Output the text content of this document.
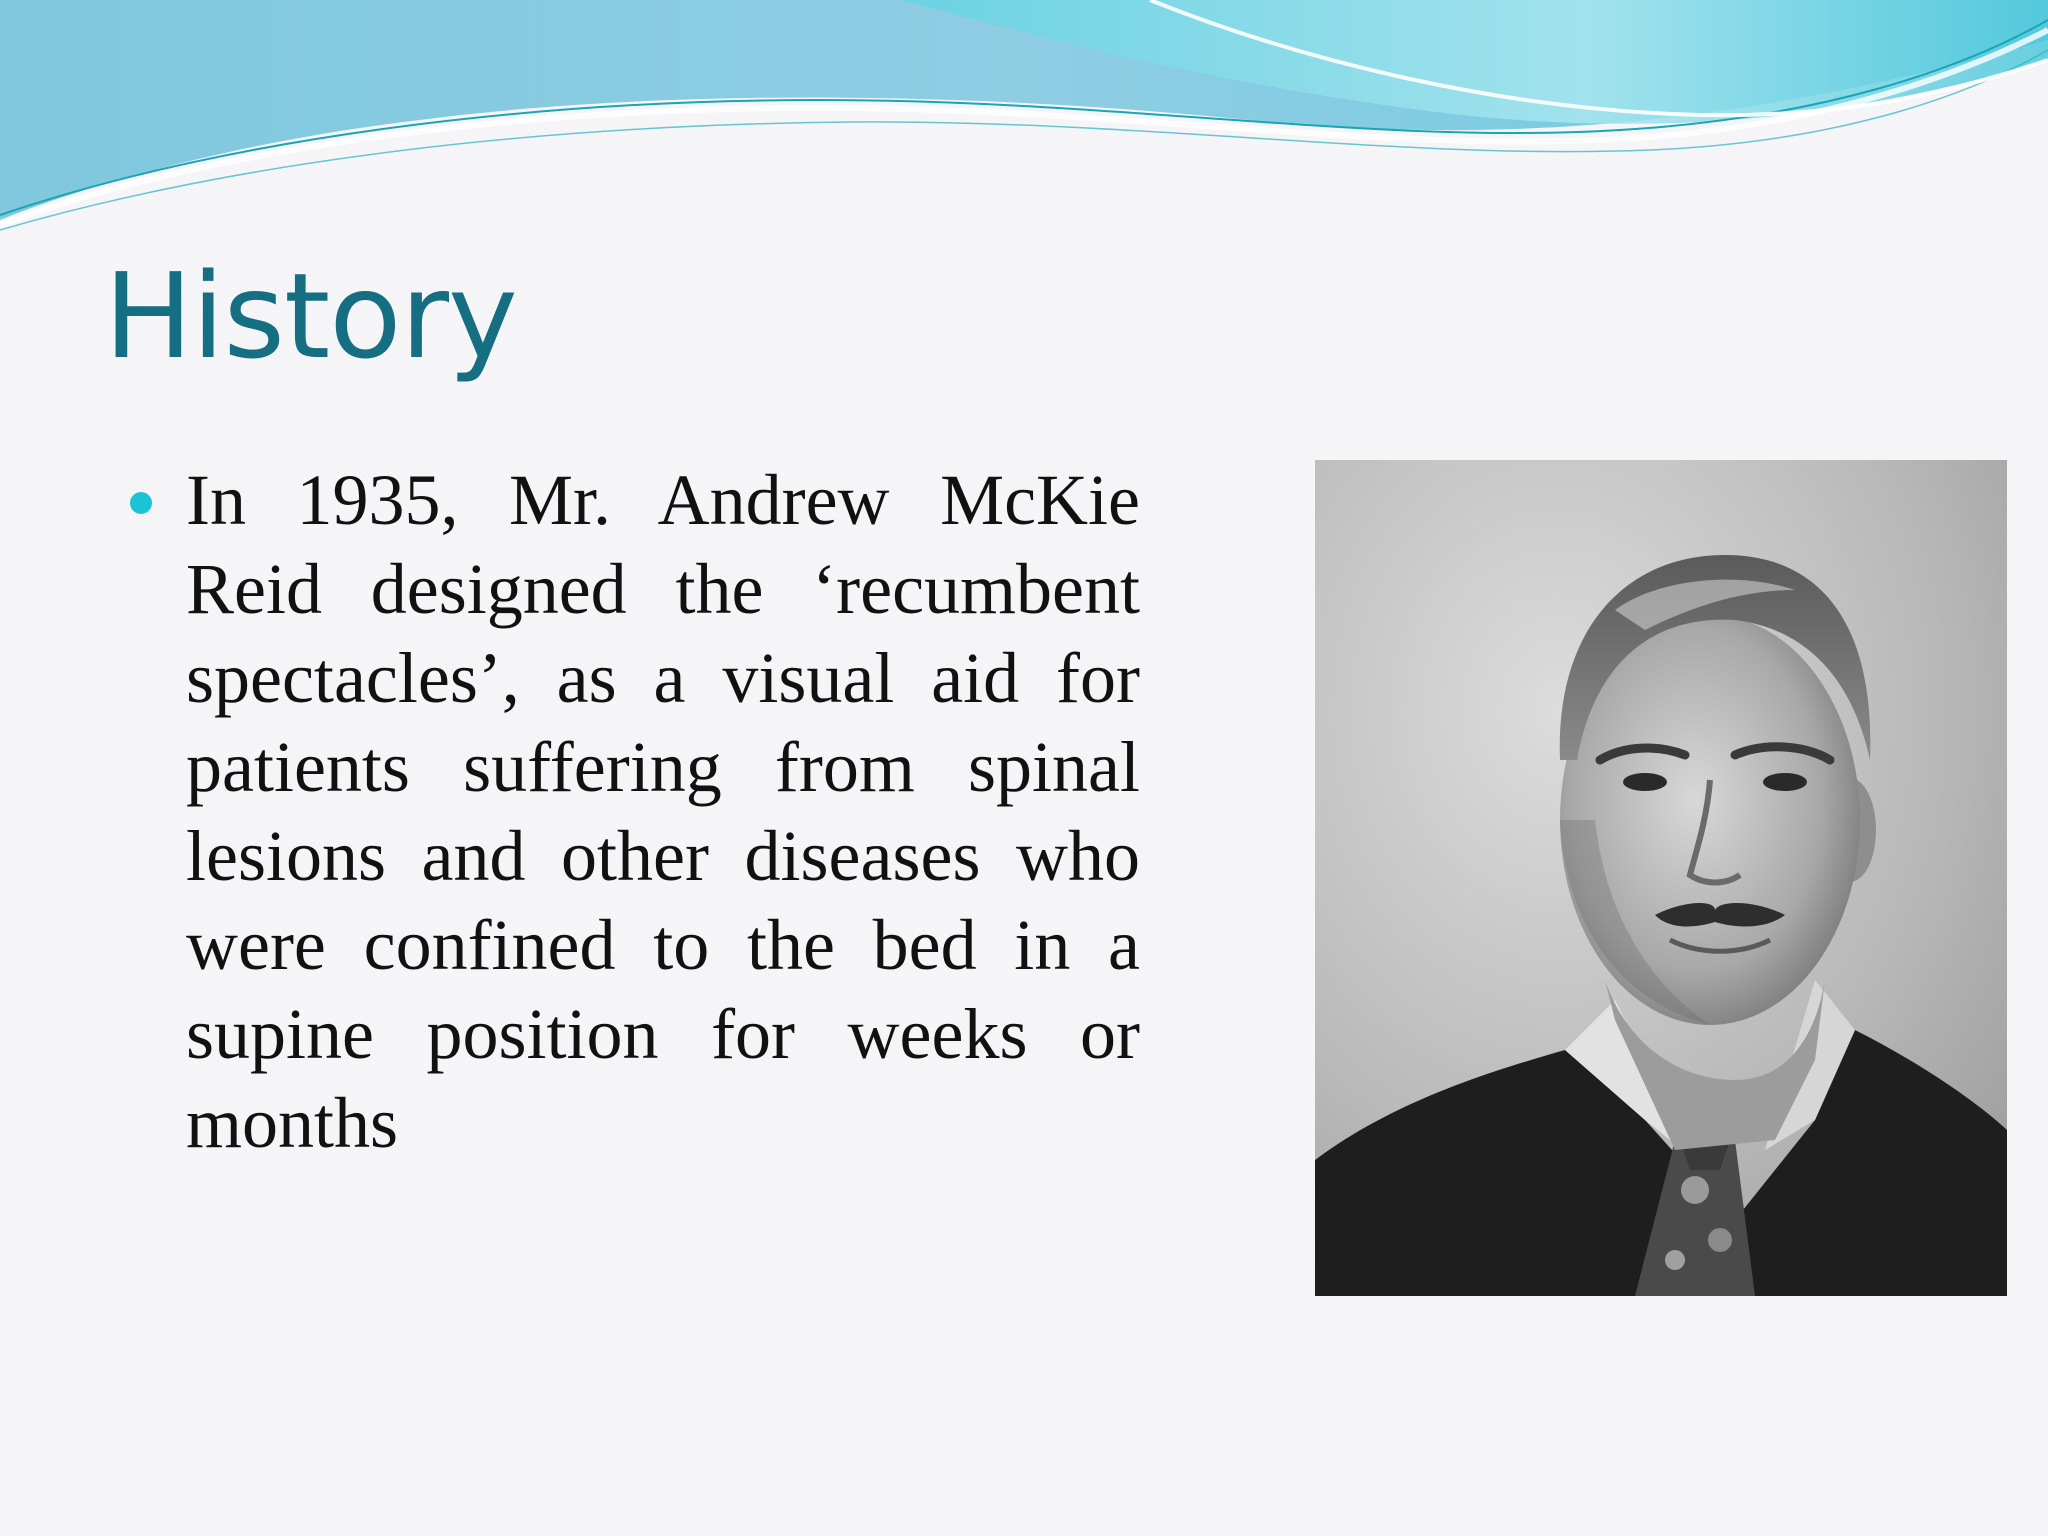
History
In 1935, Mr. Andrew McKie Reid designed the ‘recumbent spectacles’, as a visual aid for patients suffering from spinal lesions and other diseases who were confined to the bed in a supine position for weeks or months
